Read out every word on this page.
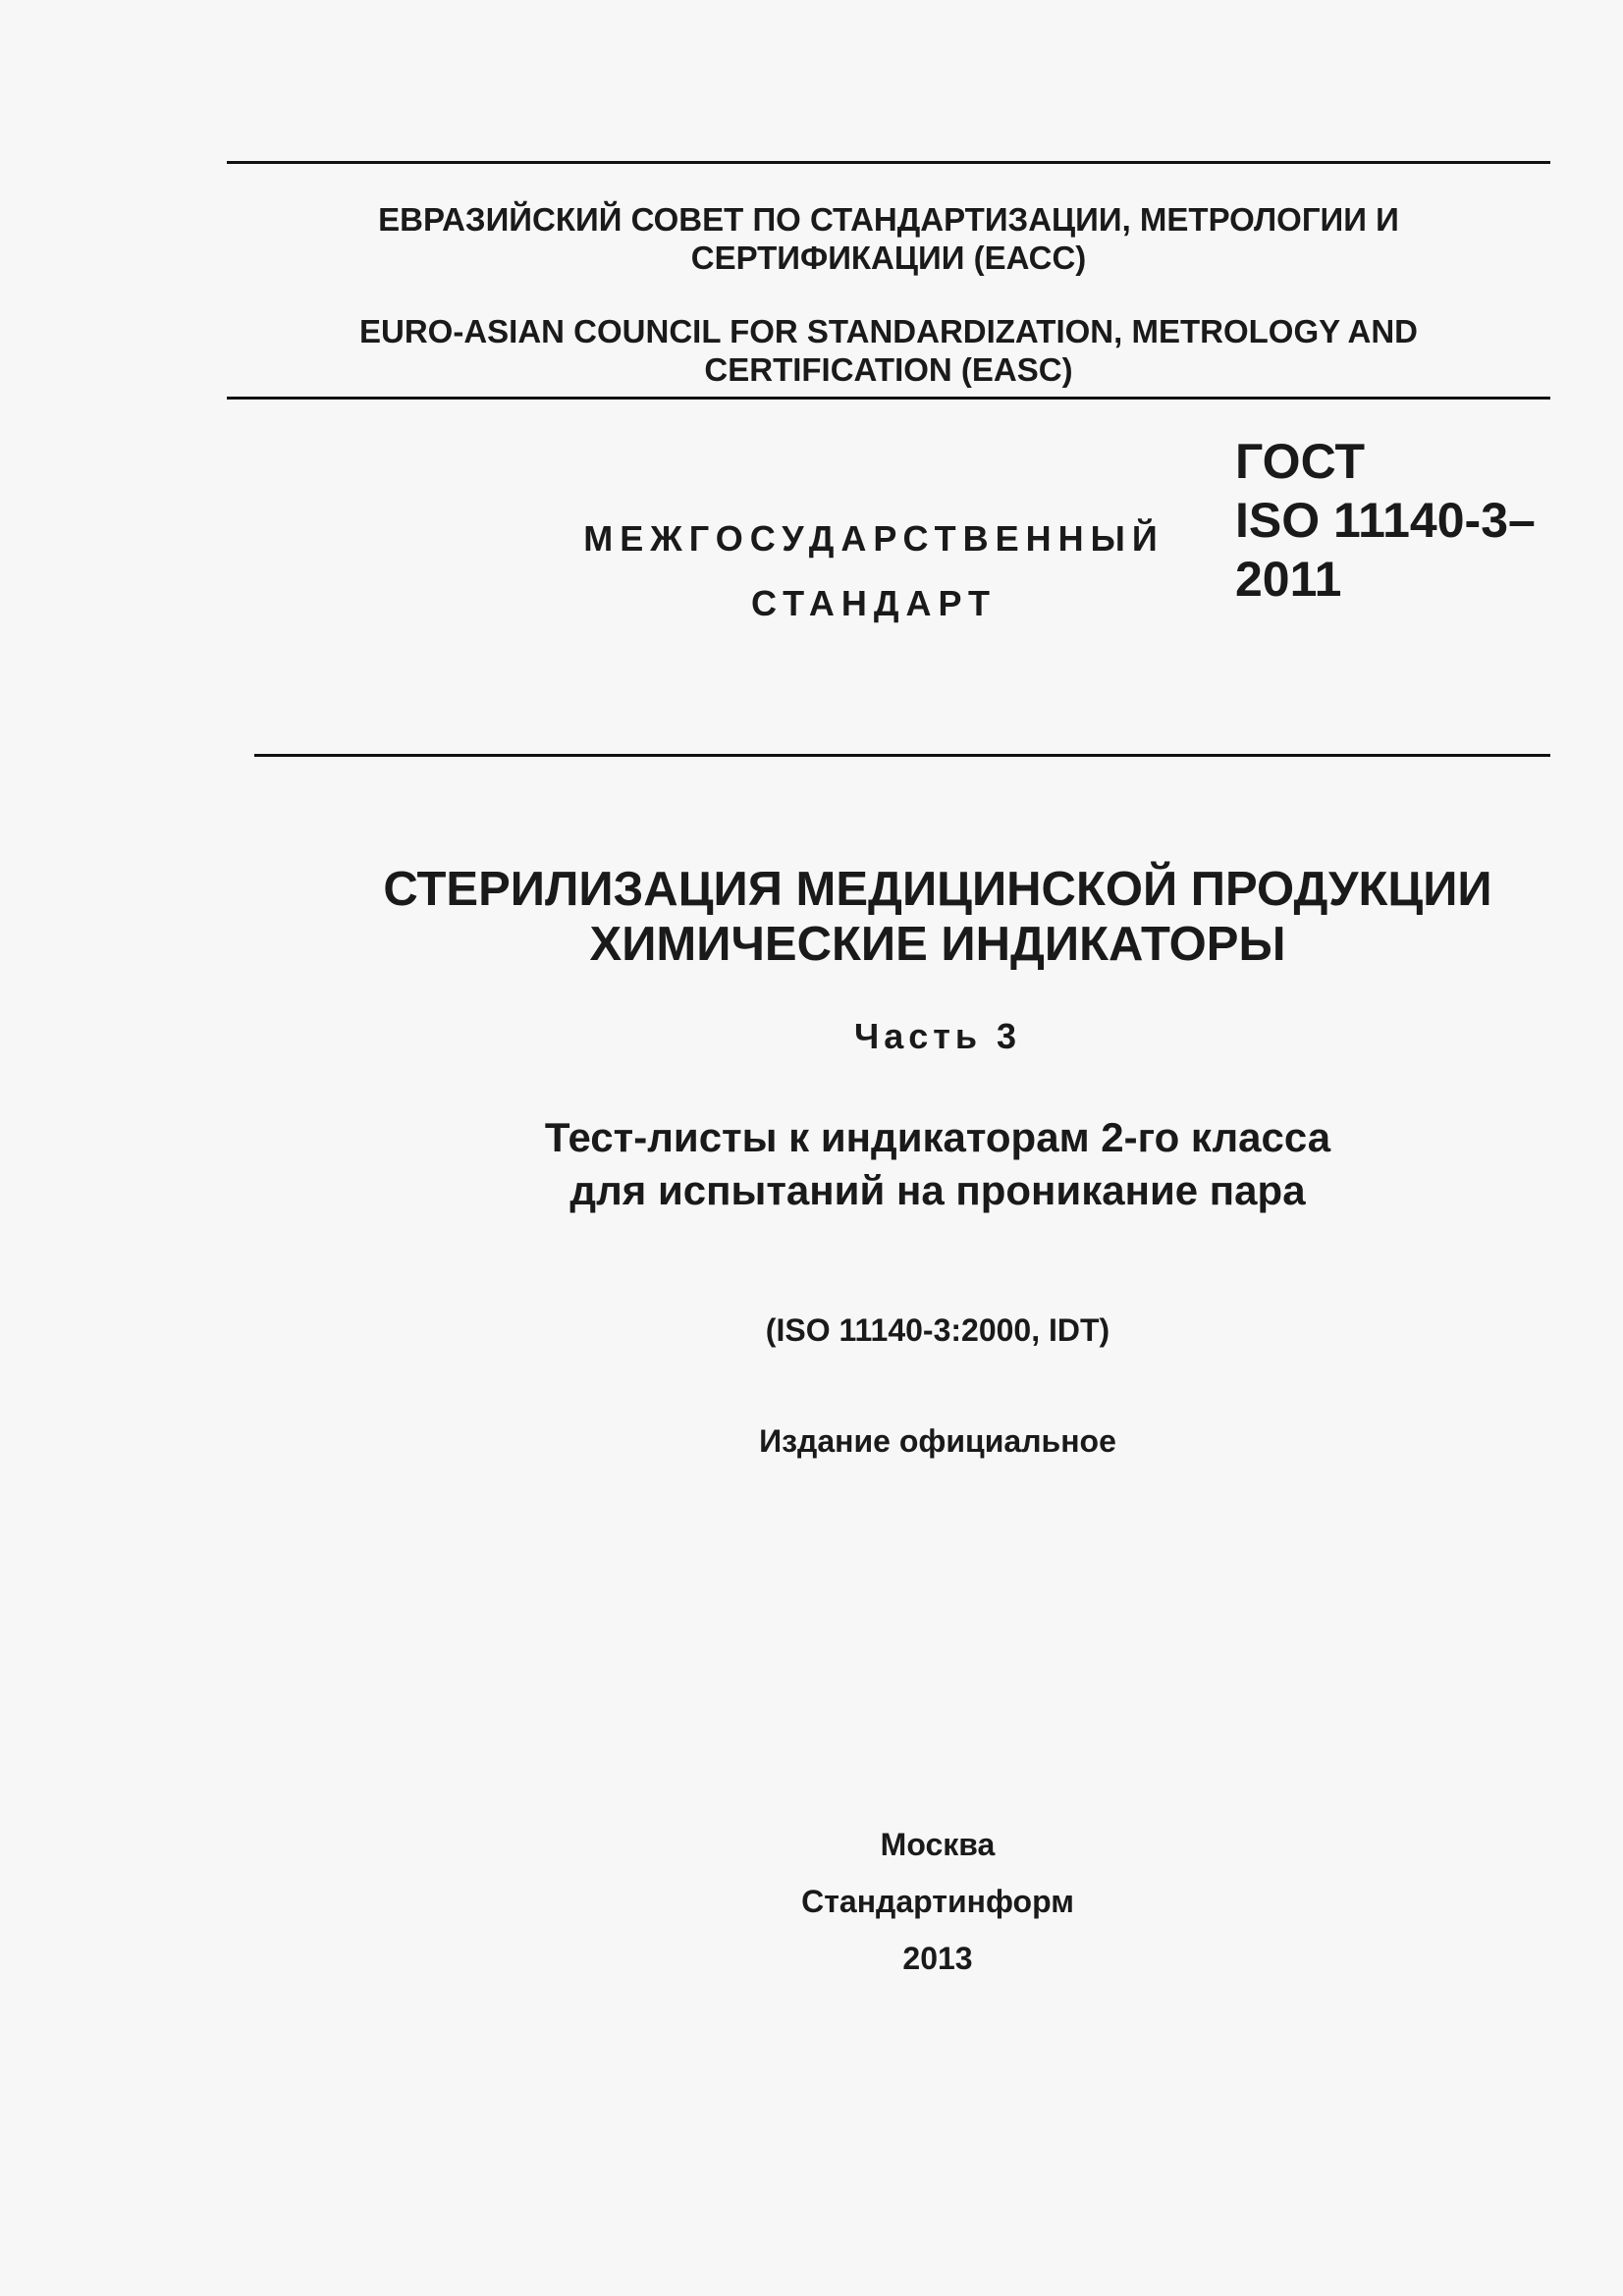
ЕВРАЗИЙСКИЙ СОВЕТ ПО СТАНДАРТИЗАЦИИ, МЕТРОЛОГИИ И
СЕРТИФИКАЦИИ (ЕАСС)
EURO-ASIAN COUNCIL FOR STANDARDIZATION, METROLOGY AND
CERTIFICATION (EASC)
МЕЖГОСУДАРСТВЕННЫЙ
СТАНДАРТ
ГОСТ
ISO 11140-3–
2011
СТЕРИЛИЗАЦИЯ МЕДИЦИНСКОЙ ПРОДУКЦИИ
ХИМИЧЕСКИЕ ИНДИКАТОРЫ
Часть 3
Тест-листы к индикаторам 2-го класса
для испытаний на проникание пара
(ISO 11140-3:2000, IDT)
Издание официальное
Москва
Стандартинформ
2013
